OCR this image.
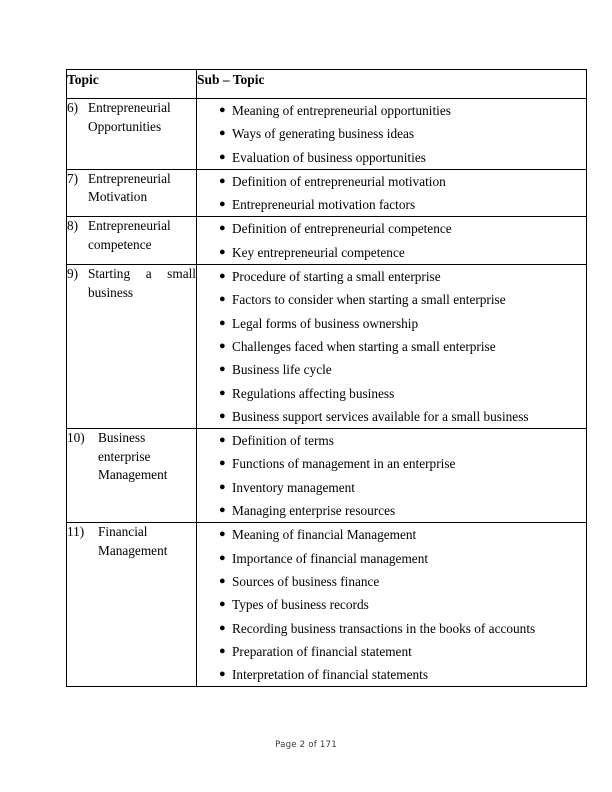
Topic	Sub – Topic

6) Entrepreneurial Opportunities

● Meaning of entrepreneurial opportunities
● Ways of generating business ideas
● Evaluation of business opportunities

7) Entrepreneurial Motivation

● Definition of entrepreneurial motivation
● Entrepreneurial motivation factors

8) Entrepreneurial competence

● Definition of entrepreneurial competence
● Key entrepreneurial competence

9) Starting a small business

● Procedure of starting a small enterprise
● Factors to consider when starting a small enterprise
● Legal forms of business ownership
● Challenges faced when starting a small enterprise
● Business life cycle
● Regulations affecting business
● Business support services available for a small business

10) Business enterprise Management

● Definition of terms
● Functions of management in an enterprise
● Inventory management
● Managing enterprise resources

11)	Financial Management

● Meaning of financial Management
● Importance of financial management
● Sources of business finance
● Types of business records
● Recording business transactions in the books of accounts
● Preparation of financial statement
● Interpretation of financial statements
Page 2 of 171
